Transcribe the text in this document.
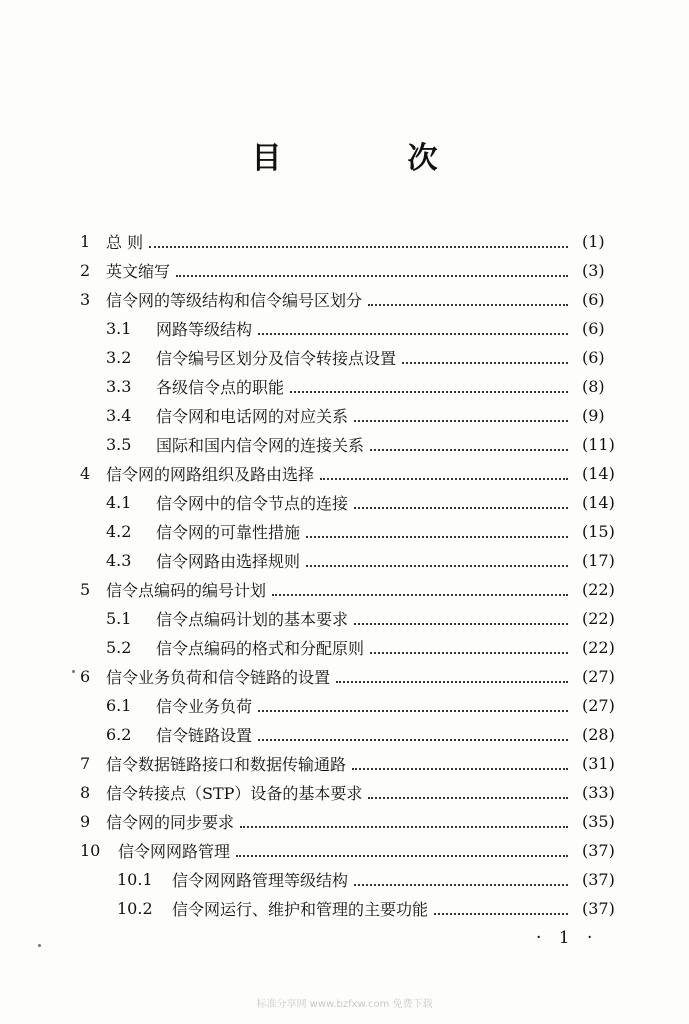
目　次
1 总 则	(1)
2 英文缩写	(3)
3 信令网的等级结构和信令编号区划分	(6)
3.1 网路等级结构	(6)
3.2 信令编号区划分及信令转接点设置	(6)
3.3 各级信令点的职能	(8)
3.4 信令网和电话网的对应关系	(9)
3.5 国际和国内信令网的连接关系	(11)
4 信令网的网路组织及路由选择	(14)
4.1 信令网中的信令节点的连接	(14)
4.2 信令网的可靠性措施	(15)
4.3 信令网路由选择规则	(17)
5 信令点编码的编号计划	(22)
5.1 信令点编码计划的基本要求	(22)
5.2 信令点编码的格式和分配原则	(22)
6 信令业务负荷和信令链路的设置	(27)
6.1 信令业务负荷	(27)
6.2 信令链路设置	(28)
7 信令数据链路接口和数据传输通路	(31)
8 信令转接点（STP）设备的基本要求	(33)
9 信令网的同步要求	(35)
10 信令网网路管理	(37)
10.1 信令网网路管理等级结构	(37)
10.2 信令网运行、维护和管理的主要功能	(37)
· 1 ·
标准分享网 www.bzfxw.com 免费下载
